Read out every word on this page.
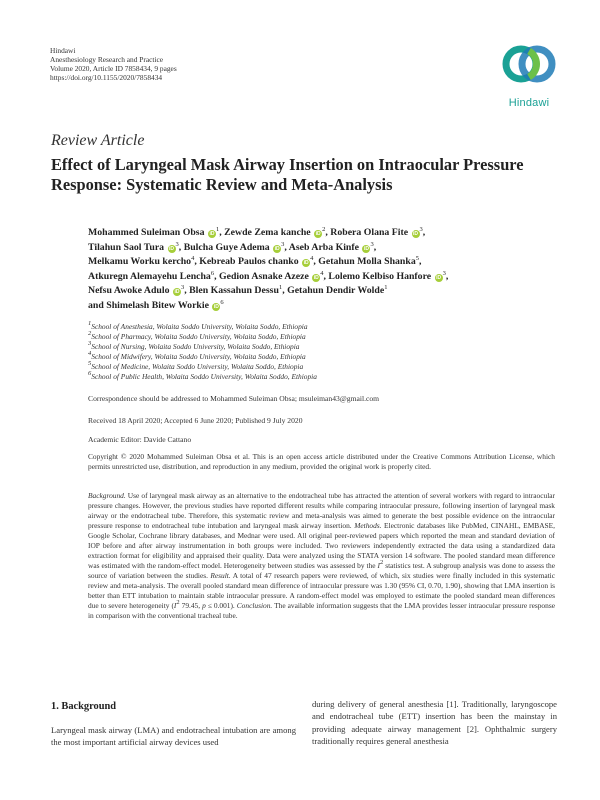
Hindawi
Anesthesiology Research and Practice
Volume 2020, Article ID 7858434, 9 pages
https://doi.org/10.1155/2020/7858434
Hindawi
Review Article
Effect of Laryngeal Mask Airway Insertion on Intraocular Pressure Response: Systematic Review and Meta-Analysis
Mohammed Suleiman Obsa $iD^1$, Zewde Zema kanche $iD^2$, Robera Olana Fite $iD^3$,
Tilahun Saol Tura $iD^3$, Bulcha Guye Adema $iD^3$, Aseb Arba Kinfe $iD^3$,
Melkamu Worku kercho$^4$, Kebreab Paulos chanko $iD^4$, Getahun Molla Shanka$^5$,
Atkuregn Alemayehu Lencha$^6$, Gedion Asnake Azeze $iD^4$, Lolemo Kelbiso Hanfore $iD^3$,
Nefsu Awoke Adulo $iD^3$, Blen Kassahun Dessu$^1$, Getahun Dendir Wolde$^1$
and Shimelash Bitew Workie $iD^6$
$^1$School of Anesthesia, Wolaita Soddo University, Wolaita Soddo, Ethiopia
$^2$School of Pharmacy, Wolaita Soddo University, Wolaita Soddo, Ethiopia
$^3$School of Nursing, Wolaita Soddo University, Wolaita Soddo, Ethiopia
$^4$School of Midwifery, Wolaita Soddo University, Wolaita Soddo, Ethiopia
$^5$School of Medicine, Wolaita Soddo University, Wolaita Soddo, Ethiopia
$^6$School of Public Health, Wolaita Soddo University, Wolaita Soddo, Ethiopia
Correspondence should be addressed to Mohammed Suleiman Obsa; msuleiman43@gmail.com
Received 18 April 2020; Accepted 6 June 2020; Published 9 July 2020
Academic Editor: Davide Cattano
Copyright © 2020 Mohammed Suleiman Obsa et al. This is an open access article distributed under the Creative Commons Attribution License, which permits unrestricted use, distribution, and reproduction in any medium, provided the original work is properly cited.
Background. Use of laryngeal mask airway as an alternative to the endotracheal tube has attracted the attention of several workers with regard to intraocular pressure changes. However, the previous studies have reported different results while comparing intraocular pressure, following insertion of laryngeal mask airway or the endotracheal tube. Therefore, this systematic review and meta-analysis was aimed to generate the best possible evidence on the intraocular pressure response to endotracheal tube intubation and laryngeal mask airway insertion. Methods. Electronic databases like PubMed, CINAHL, EMBASE, Google Scholar, Cochrane library databases, and Mednar were used. All original peer-reviewed papers which reported the mean and standard deviation of IOP before and after airway instrumentation in both groups were included. Two reviewers independently extracted the data using a standardized data extraction format for eligibility and appraised their quality. Data were analyzed using the STATA version 14 software. The pooled standard mean difference was estimated with the random-effect model. Heterogeneity between studies was assessed by the $I^2$ statistics test. A subgroup analysis was done to assess the source of variation between the studies. Result. A total of 47 research papers were reviewed, of which, six studies were finally included in this systematic review and meta-analysis. The overall pooled standard mean difference of intraocular pressure was 1.30 (95% CI, 0.70, 1.90), showing that LMA insertion is better than ETT intubation to maintain stable intraocular pressure. A random-effect model was employed to estimate the pooled standard mean differences due to severe heterogeneity ($I^2$ 79.45, p ≤ 0.001). Conclusion. The available information suggests that the LMA provides lesser intraocular pressure response in comparison with the conventional tracheal tube.
1. Background
Laryngeal mask airway (LMA) and endotracheal intubation are among the most important artificial airway devices used
during delivery of general anesthesia [1]. Traditionally, laryngoscope and endotracheal tube (ETT) insertion has been the mainstay in providing adequate airway management [2]. Ophthalmic surgery traditionally requires general anesthesia
